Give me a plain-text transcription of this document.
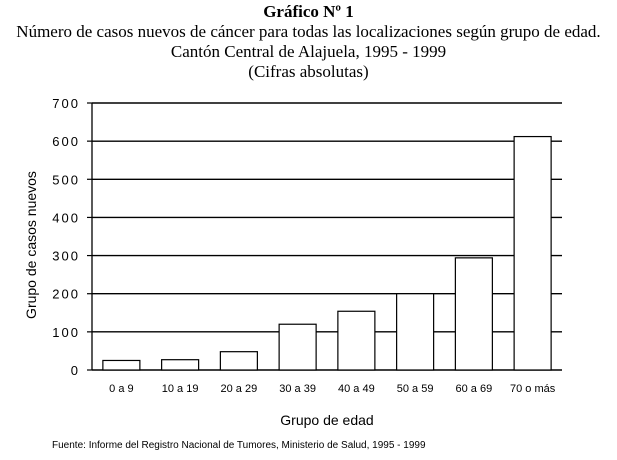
Gráfico Nº 1
Número de casos nuevos de cáncer para todas las localizaciones según grupo de edad.
Cantón Central de Alajuela, 1995 - 1999
(Cifras absolutas)
0
100
200
300
400
500
600
700
0 a 9	10 a 19 20 a 29 30 a 39 40 a 49 50 a 59 60 a 69 70 o más
Grupo de casos nuevos
Grupo de edad
Fuente: Informe del Registro Nacional de Tumores, Ministerio de Salud, 1995 - 1999
